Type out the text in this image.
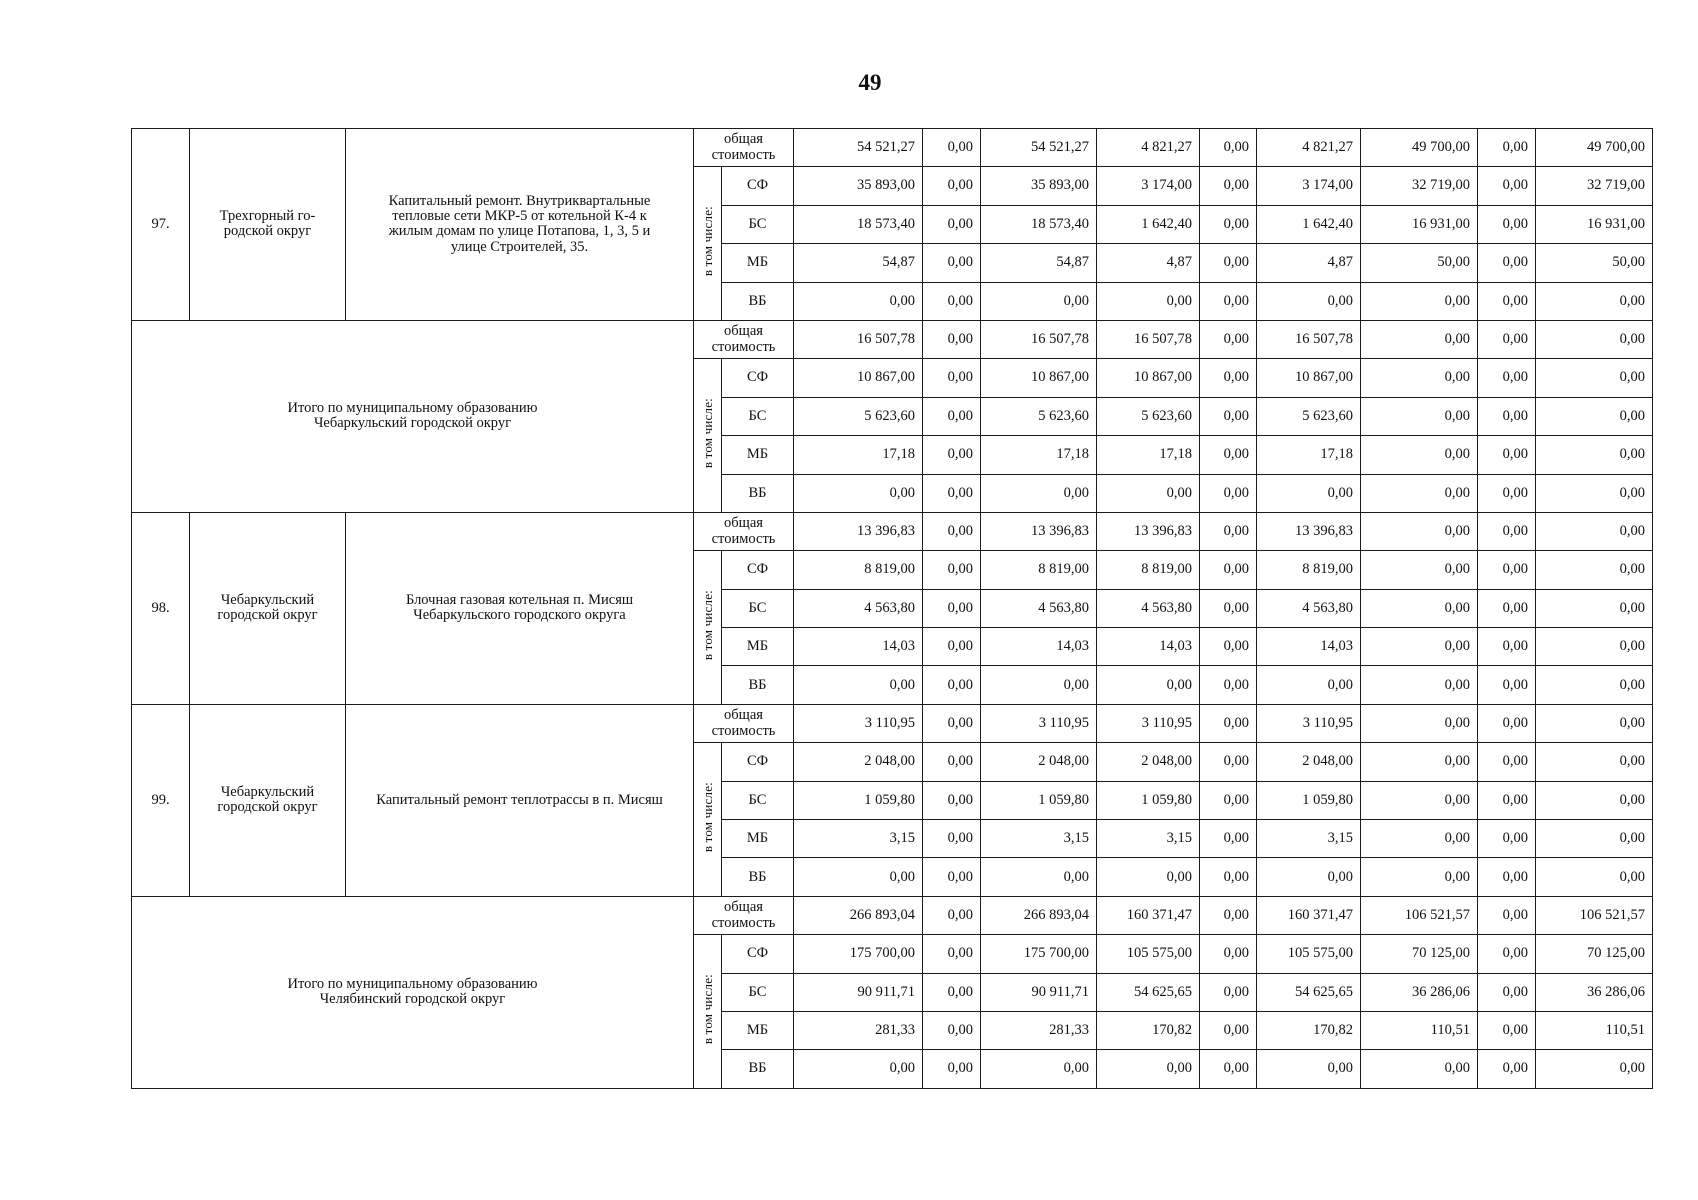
49
97.	Трехгорный го-
родской округ	Капитальный ремонт. Внутриквартальные
тепловые сети МКР-5 от котельной К-4 к
жилым домам по улице Потапова, 1, 3, 5 и
улице Строителей, 35.	общая
стоимость		54 521,27	0,00	54 521,27	4 821,27	0,00	4 821,27	49 700,00	0,00	49 700,00
			в том числе:	СФ	35 893,00	0,00	35 893,00	3 174,00	0,00	3 174,00	32 719,00	0,00	32 719,00
				БС	18 573,40	0,00	18 573,40	1 642,40	0,00	1 642,40	16 931,00	0,00	16 931,00
				МБ	54,87	0,00	54,87	4,87	0,00	4,87	50,00	0,00	50,00
				ВБ	0,00	0,00	0,00	0,00	0,00	0,00	0,00	0,00	0,00
Итого по муниципальному образованию
Чебаркульский городской округ			общая
стоимость		16 507,78	0,00	16 507,78	16 507,78	0,00	16 507,78	0,00	0,00	0,00
			в том числе:	СФ	10 867,00	0,00	10 867,00	10 867,00	0,00	10 867,00	0,00	0,00	0,00
				БС	5 623,60	0,00	5 623,60	5 623,60	0,00	5 623,60	0,00	0,00	0,00
				МБ	17,18	0,00	17,18	17,18	0,00	17,18	0,00	0,00	0,00
				ВБ	0,00	0,00	0,00	0,00	0,00	0,00	0,00	0,00	0,00
98.	Чебаркульский
городской округ	Блочная газовая котельная п. Мисяш
Чебаркульского городского округа	общая
стоимость		13 396,83	0,00	13 396,83	13 396,83	0,00	13 396,83	0,00	0,00	0,00
			в том числе:	СФ	8 819,00	0,00	8 819,00	8 819,00	0,00	8 819,00	0,00	0,00	0,00
				БС	4 563,80	0,00	4 563,80	4 563,80	0,00	4 563,80	0,00	0,00	0,00
				МБ	14,03	0,00	14,03	14,03	0,00	14,03	0,00	0,00	0,00
				ВБ	0,00	0,00	0,00	0,00	0,00	0,00	0,00	0,00	0,00
99.	Чебаркульский
городской округ	Капитальный ремонт теплотрассы в п. Мисяш	общая
стоимость		3 110,95	0,00	3 110,95	3 110,95	0,00	3 110,95	0,00	0,00	0,00
			в том числе:	СФ	2 048,00	0,00	2 048,00	2 048,00	0,00	2 048,00	0,00	0,00	0,00
				БС	1 059,80	0,00	1 059,80	1 059,80	0,00	1 059,80	0,00	0,00	0,00
				МБ	3,15	0,00	3,15	3,15	0,00	3,15	0,00	0,00	0,00
				ВБ	0,00	0,00	0,00	0,00	0,00	0,00	0,00	0,00	0,00
Итого по муниципальному образованию
Челябинский городской округ			общая
стоимость		266 893,04	0,00	266 893,04	160 371,47	0,00	160 371,47	106 521,57	0,00	106 521,57
			в том числе:	СФ	175 700,00	0,00	175 700,00	105 575,00	0,00	105 575,00	70 125,00	0,00	70 125,00
				БС	90 911,71	0,00	90 911,71	54 625,65	0,00	54 625,65	36 286,06	0,00	36 286,06
				МБ	281,33	0,00	281,33	170,82	0,00	170,82	110,51	0,00	110,51
				ВБ	0,00	0,00	0,00	0,00	0,00	0,00	0,00	0,00	0,00
